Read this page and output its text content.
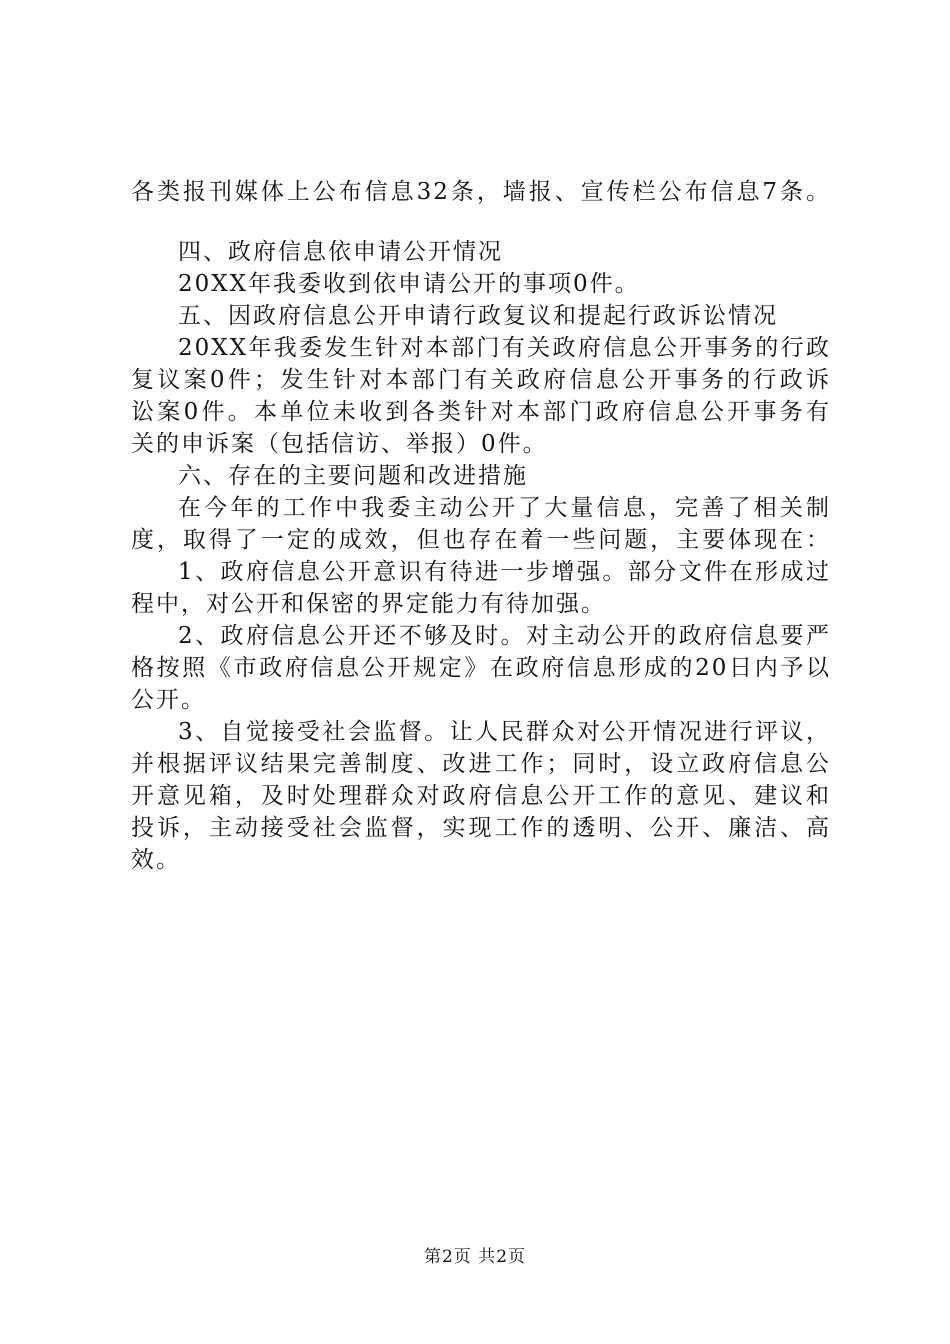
各类报刊媒体上公布信息32条，墙报、宣传栏公布信息7条。
四、政府信息依申请公开情况
20XX年我委收到依申请公开的事项0件。
五、因政府信息公开申请行政复议和提起行政诉讼情况
20XX年我委发生针对本部门有关政府信息公开事务的行政
复议案0件；发生针对本部门有关政府信息公开事务的行政诉
讼案0件。本单位未收到各类针对本部门政府信息公开事务有
关的申诉案（包括信访、举报）0件。
六、存在的主要问题和改进措施
在今年的工作中我委主动公开了大量信息，完善了相关制
度，取得了一定的成效，但也存在着一些问题，主要体现在：
1、政府信息公开意识有待进一步增强。部分文件在形成过
程中，对公开和保密的界定能力有待加强。
2、政府信息公开还不够及时。对主动公开的政府信息要严
格按照《市政府信息公开规定》在政府信息形成的20日内予以
公开。
3、自觉接受社会监督。让人民群众对公开情况进行评议，
并根据评议结果完善制度、改进工作；同时，设立政府信息公
开意见箱，及时处理群众对政府信息公开工作的意见、建议和
投诉，主动接受社会监督，实现工作的透明、公开、廉洁、高
效。
第2页 共2页
